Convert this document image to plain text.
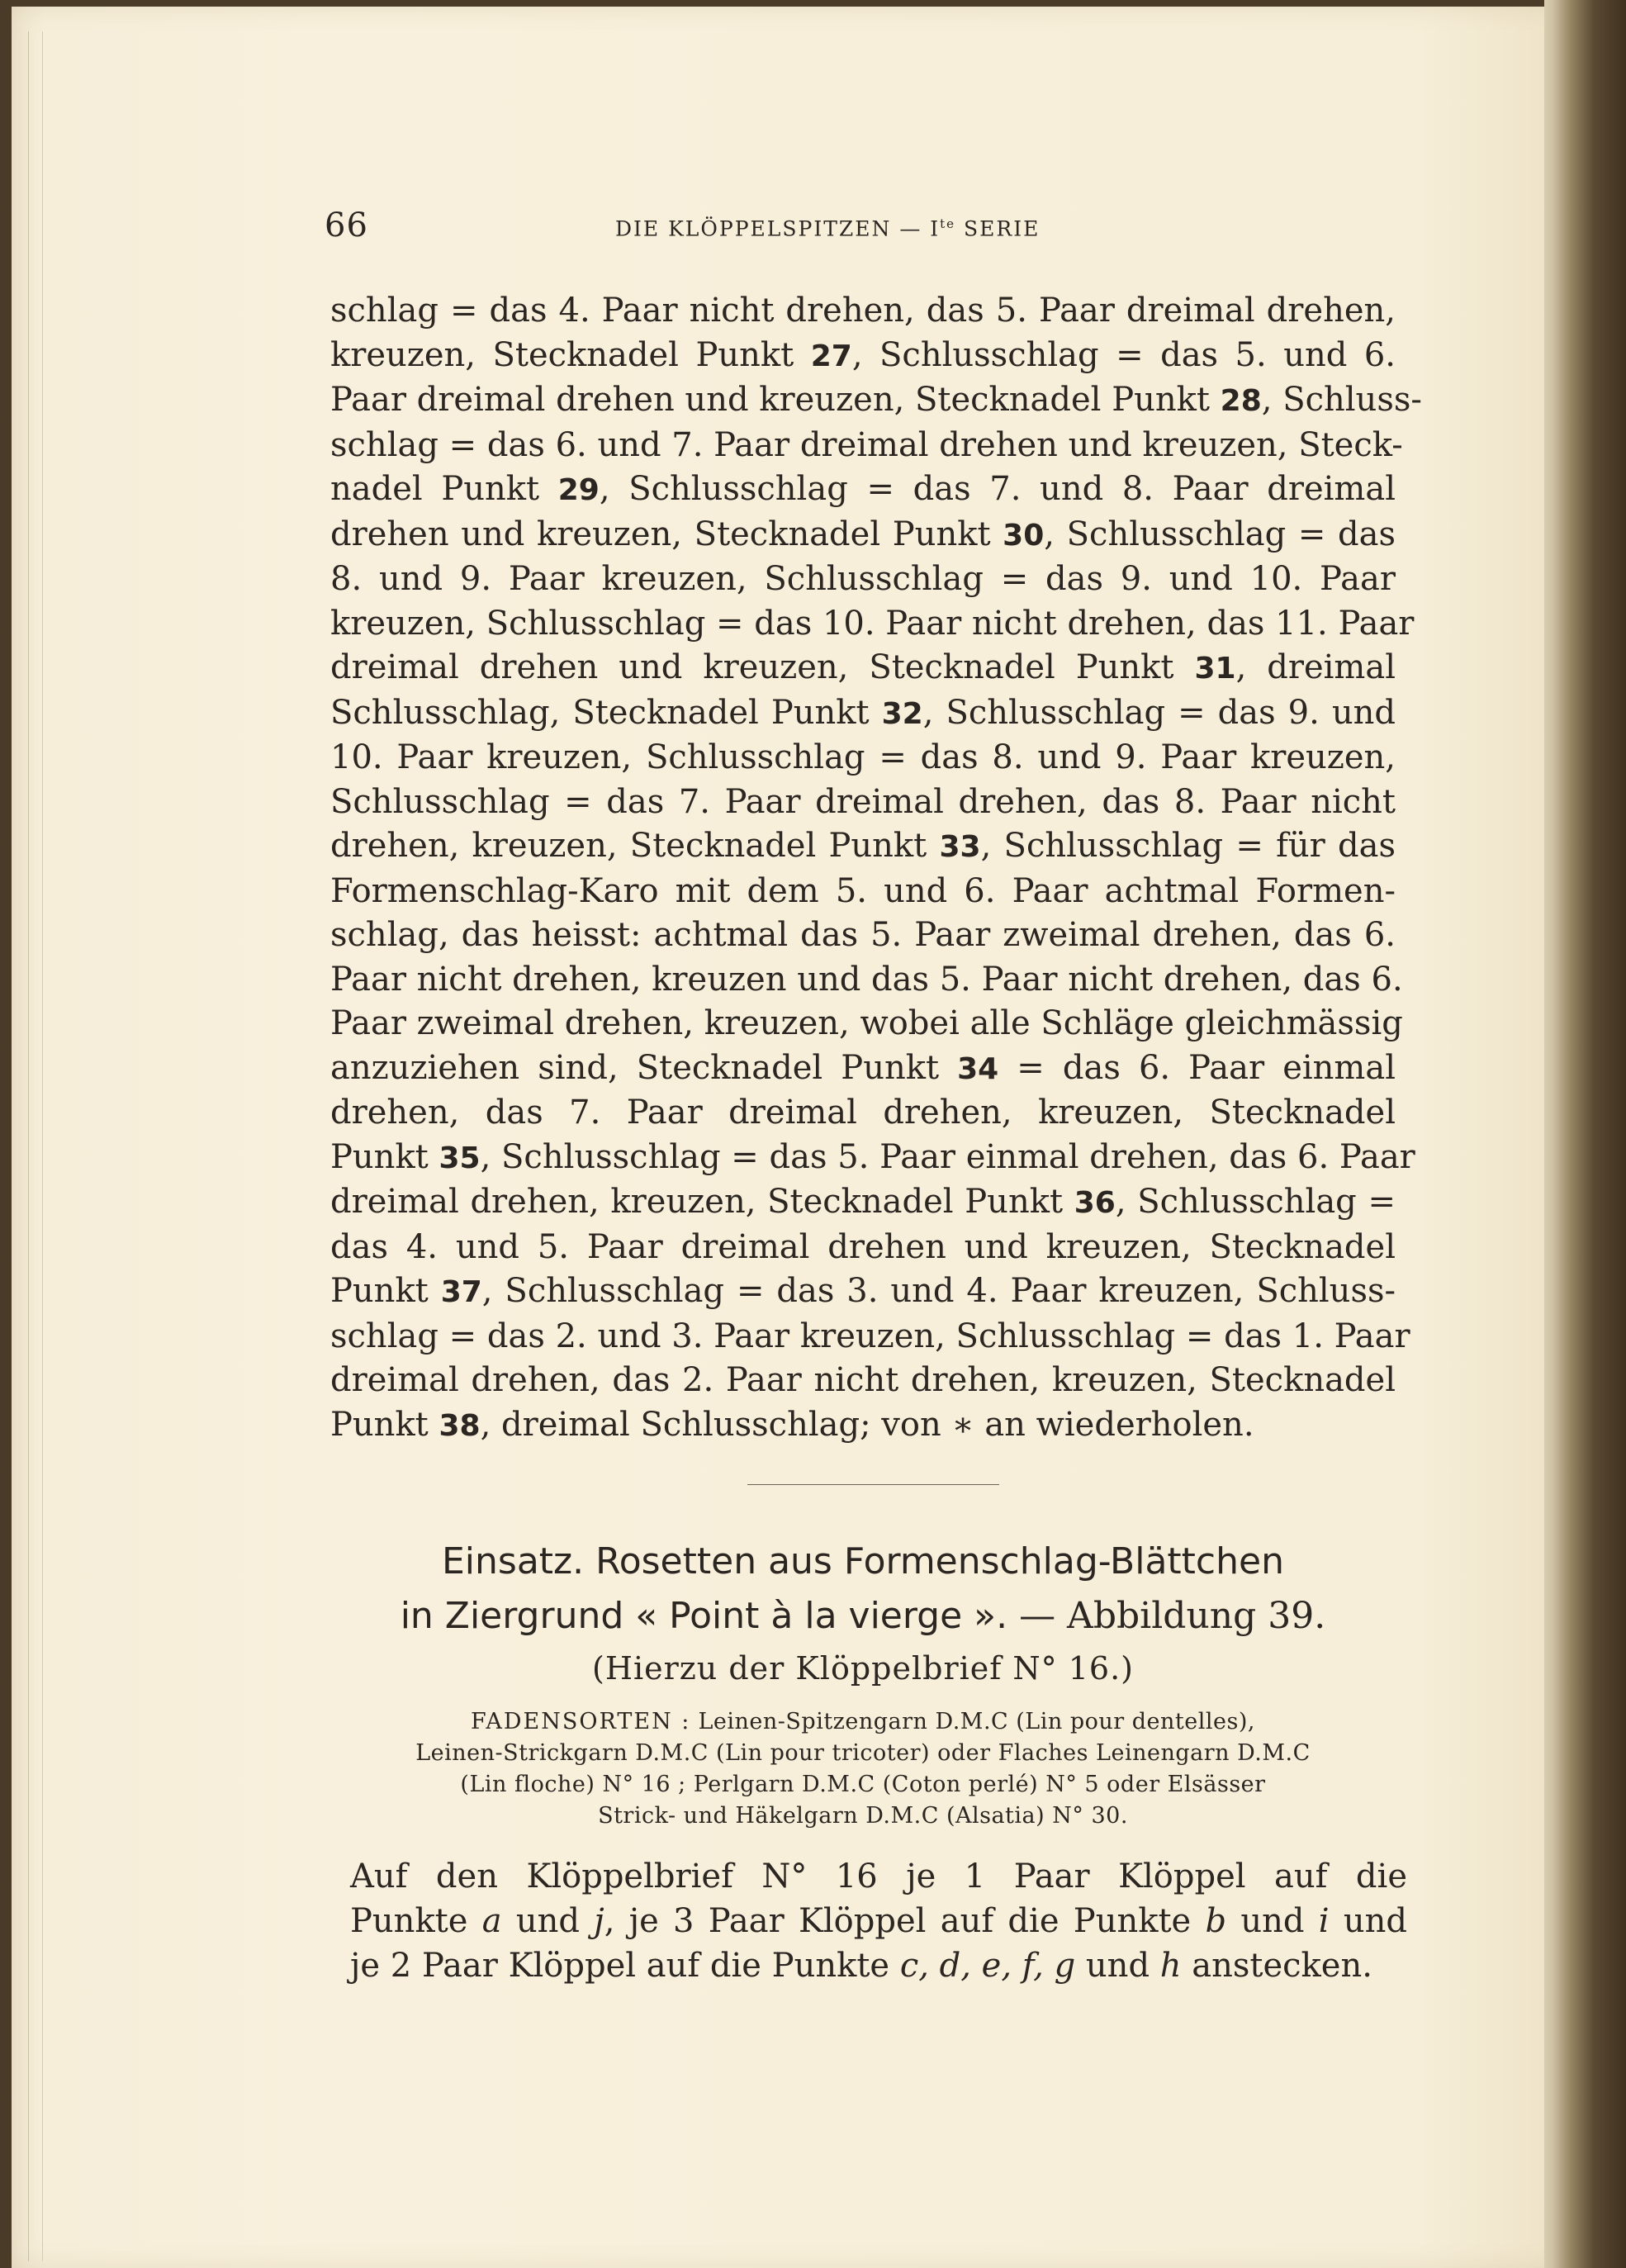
66	DIE KLÖPPELSPITZEN — $I^{te}$ SERIE
schlag = das 4. Paar nicht drehen, das 5. Paar dreimal drehen,
kreuzen, Stecknadel Punkt 27, Schlusschlag = das 5. und 6.
Paar dreimal drehen und kreuzen, Stecknadel Punkt 28, Schluss-
schlag = das 6. und 7. Paar dreimal drehen und kreuzen, Steck-
nadel Punkt 29, Schlusschlag = das 7. und 8. Paar dreimal
drehen und kreuzen, Stecknadel Punkt 30, Schlusschlag = das
8. und 9. Paar kreuzen, Schlusschlag = das 9. und 10. Paar
kreuzen, Schlusschlag = das 10. Paar nicht drehen, das 11. Paar
dreimal drehen und kreuzen, Stecknadel Punkt 31, dreimal
Schlusschlag, Stecknadel Punkt 32, Schlusschlag = das 9. und
10. Paar kreuzen, Schlusschlag = das 8. und 9. Paar kreuzen,
Schlusschlag = das 7. Paar dreimal drehen, das 8. Paar nicht
drehen, kreuzen, Stecknadel Punkt 33, Schlusschlag = für das
Formenschlag-Karo mit dem 5. und 6. Paar achtmal Formen-
schlag, das heisst: achtmal das 5. Paar zweimal drehen, das 6.
Paar nicht drehen, kreuzen und das 5. Paar nicht drehen, das 6.
Paar zweimal drehen, kreuzen, wobei alle Schläge gleichmässig
anzuziehen sind, Stecknadel Punkt 34 = das 6. Paar einmal
drehen, das 7. Paar dreimal drehen, kreuzen, Stecknadel
Punkt 35, Schlusschlag = das 5. Paar einmal drehen, das 6. Paar
dreimal drehen, kreuzen, Stecknadel Punkt 36, Schlusschlag =
das 4. und 5. Paar dreimal drehen und kreuzen, Stecknadel
Punkt 37, Schlusschlag = das 3. und 4. Paar kreuzen, Schluss-
schlag = das 2. und 3. Paar kreuzen, Schlusschlag = das 1. Paar
dreimal drehen, das 2. Paar nicht drehen, kreuzen, Stecknadel
Punkt 38, dreimal Schlusschlag; von ∗ an wiederholen.
Einsatz. Rosetten aus Formenschlag-Blättchen
in Ziergrund « Point à la vierge ». — Abbildung 39.
(Hierzu der Klöppelbrief N° 16.)
FADENSORTEN : Leinen-Spitzengarn D.M.C (Lin pour dentelles),
Leinen-Strickgarn D.M.C (Lin pour tricoter) oder Flaches Leinengarn D.M.C
(Lin floche) N° 16 ; Perlgarn D.M.C (Coton perlé) N° 5 oder Elsässer
Strick- und Häkelgarn D.M.C (Alsatia) N° 30.
Auf den Klöppelbrief N° 16 je 1 Paar Klöppel auf die
Punkte a und j, je 3 Paar Klöppel auf die Punkte b und i und
je 2 Paar Klöppel auf die Punkte c, d, e, f, g und h anstecken.
